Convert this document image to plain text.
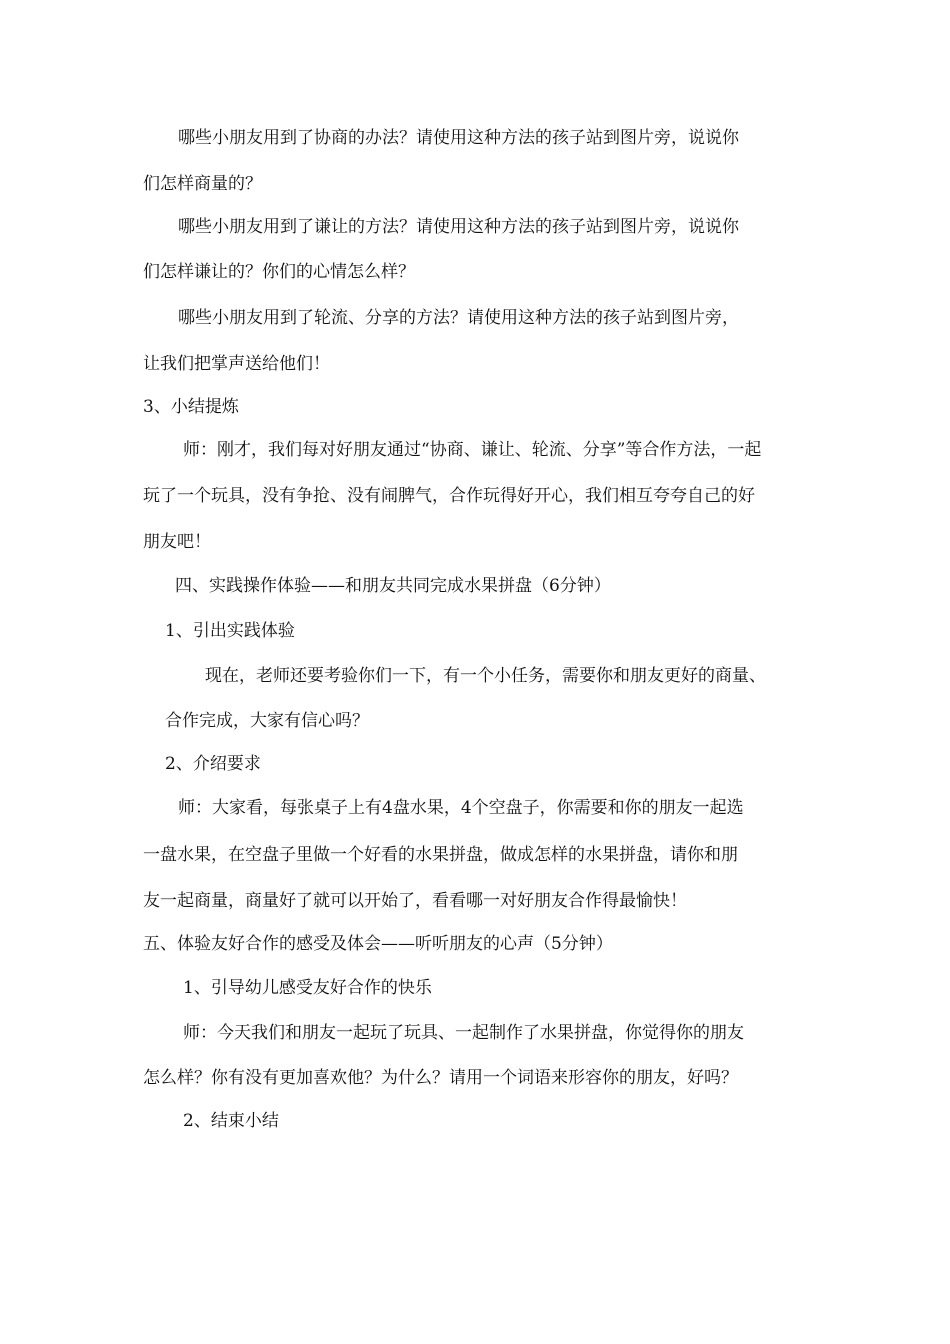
哪些小朋友用到了协商的办法？请使用这种方法的孩子站到图片旁，说说你
们怎样商量的？
哪些小朋友用到了谦让的方法？请使用这种方法的孩子站到图片旁，说说你
们怎样谦让的？你们的心情怎么样？
哪些小朋友用到了轮流、分享的方法？请使用这种方法的孩子站到图片旁，
让我们把掌声送给他们！
3、小结提炼
师：刚才，我们每对好朋友通过“协商、谦让、轮流、分享”等合作方法，一起
玩了一个玩具，没有争抢、没有闹脾气，合作玩得好开心，我们相互夸夸自己的好
朋友吧！
四、实践操作体验——和朋友共同完成水果拼盘（6分钟）
1、引出实践体验
现在，老师还要考验你们一下，有一个小任务，需要你和朋友更好的商量、
合作完成，大家有信心吗？
2、介绍要求
师：大家看，每张桌子上有4盘水果，4个空盘子，你需要和你的朋友一起选
一盘水果，在空盘子里做一个好看的水果拼盘，做成怎样的水果拼盘，请你和朋
友一起商量，商量好了就可以开始了，看看哪一对好朋友合作得最愉快！
五、体验友好合作的感受及体会——听听朋友的心声（5分钟）
1、引导幼儿感受友好合作的快乐
师：今天我们和朋友一起玩了玩具、一起制作了水果拼盘，你觉得你的朋友
怎么样？你有没有更加喜欢他？为什么？请用一个词语来形容你的朋友，好吗？
2、结束小结
